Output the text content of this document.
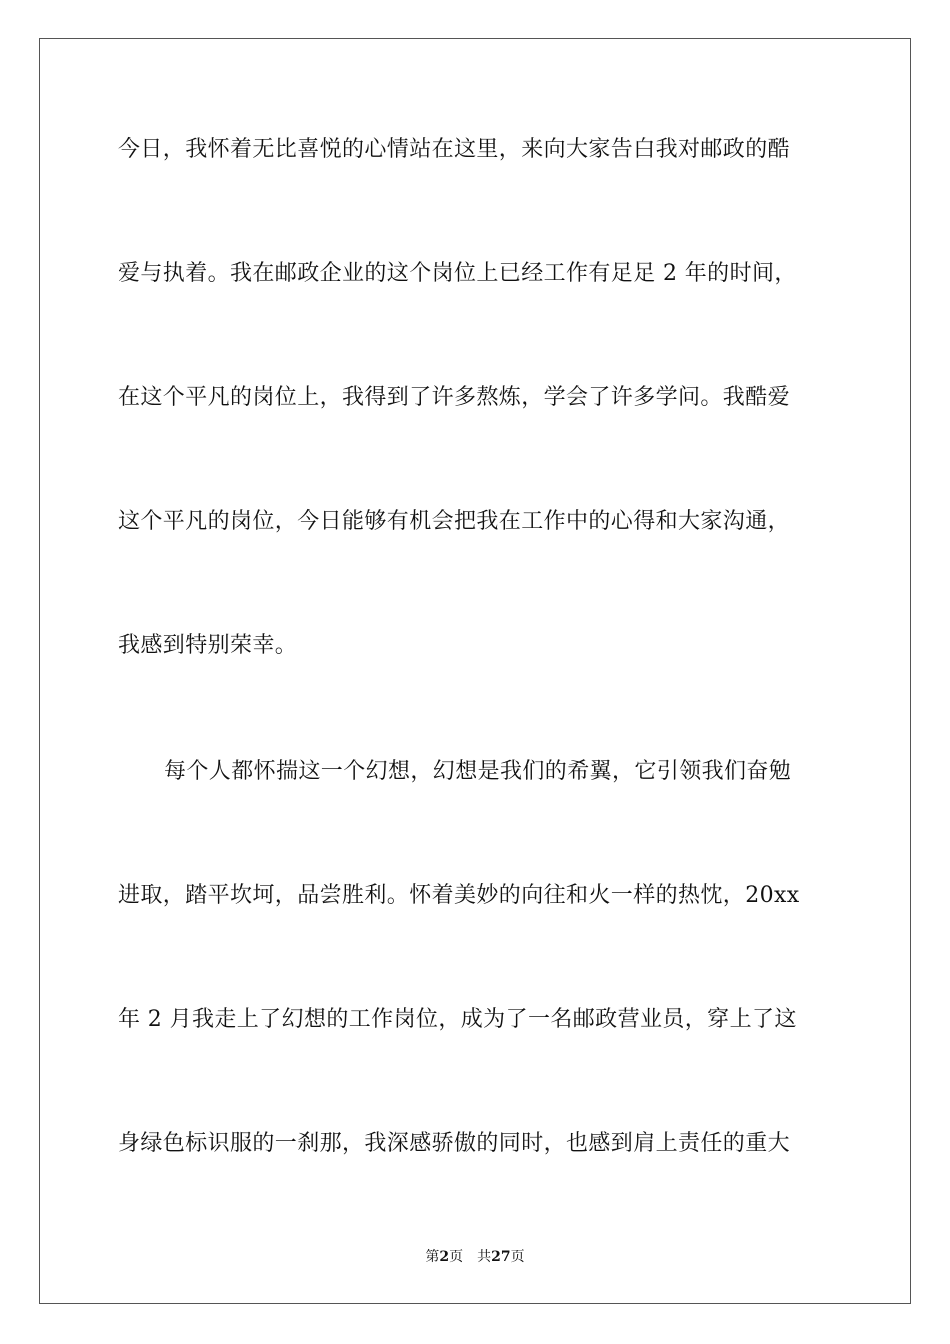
今日，我怀着无比喜悦的心情站在这里，来向大家告白我对邮政的酷
爱与执着。我在邮政企业的这个岗位上已经工作有足足 2 年的时间，
在这个平凡的岗位上，我得到了许多熬炼，学会了许多学问。我酷爱
这个平凡的岗位，今日能够有机会把我在工作中的心得和大家沟通，
我感到特别荣幸。
每个人都怀揣这一个幻想，幻想是我们的希翼，它引领我们奋勉
进取，踏平坎坷，品尝胜利。怀着美妙的向往和火一样的热忱，20xx
年 2 月我走上了幻想的工作岗位，成为了一名邮政营业员，穿上了这
身绿色标识服的一刹那，我深感骄傲的同时，也感到肩上责任的重大
第2页 共27页
